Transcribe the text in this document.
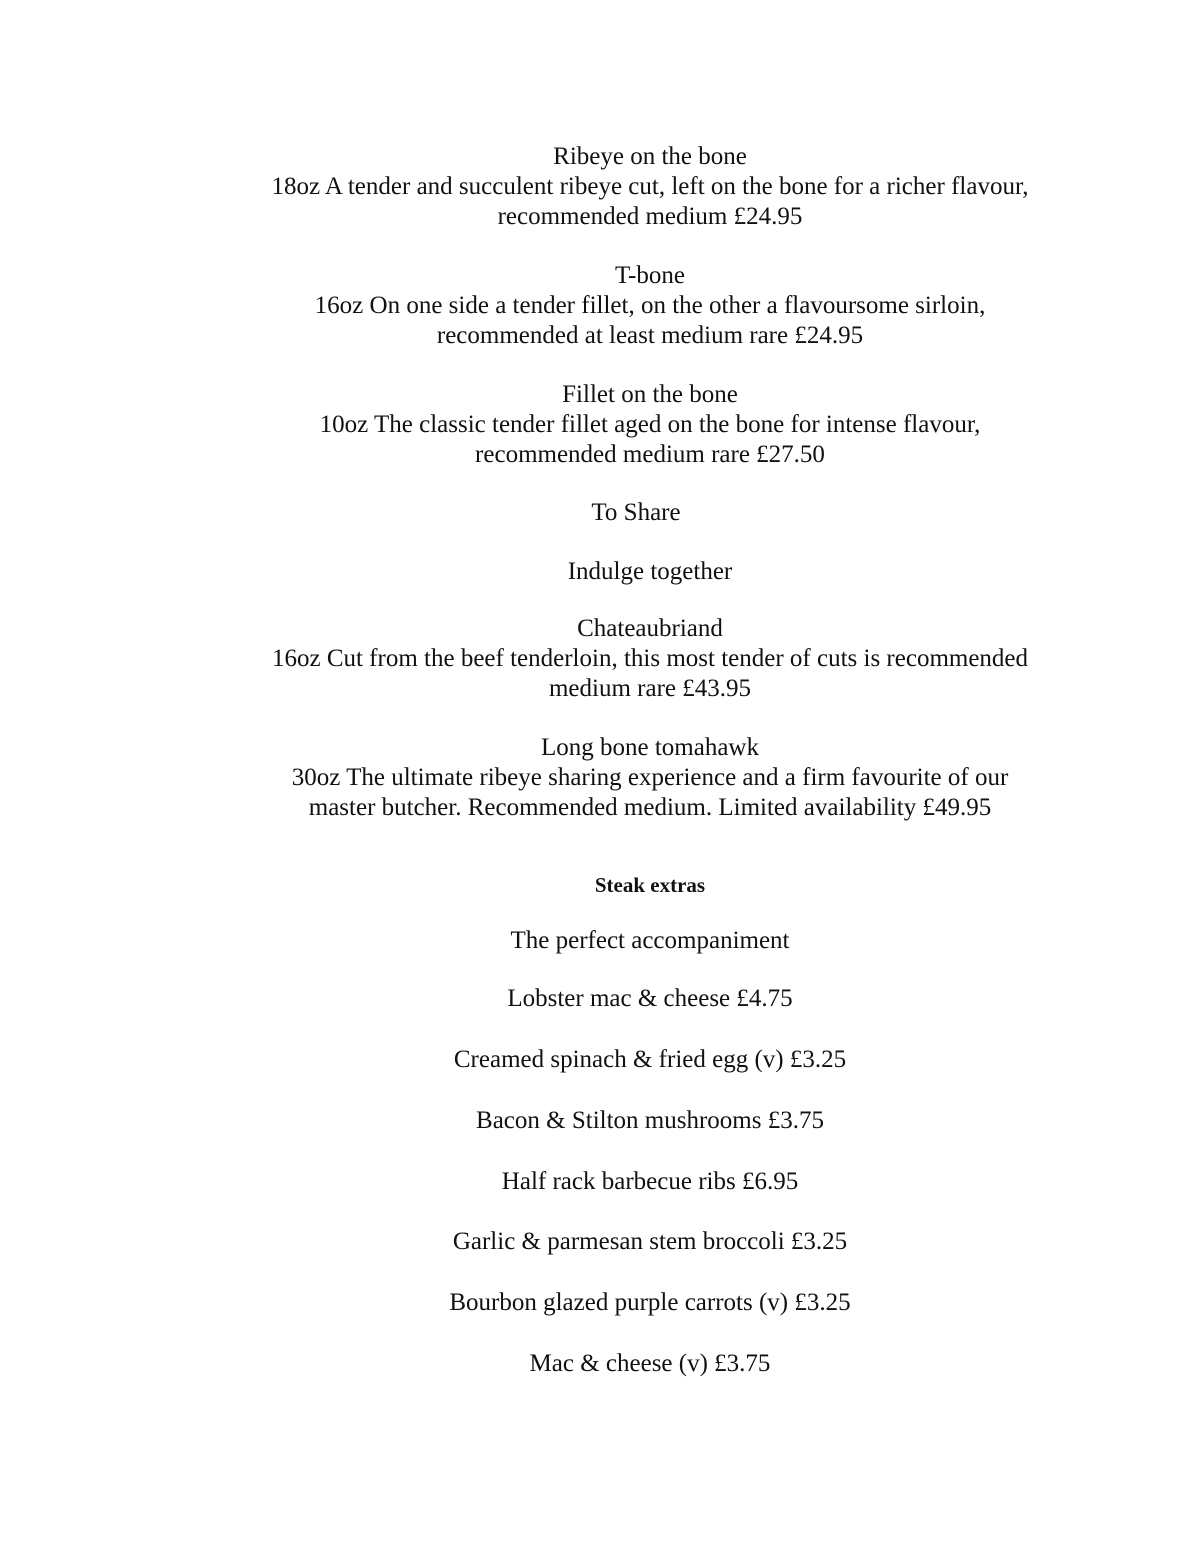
Ribeye on the bone
18oz A tender and succulent ribeye cut, left on the bone for a richer flavour,
recommended medium £24.95
T-bone
16oz On one side a tender fillet, on the other a flavoursome sirloin,
recommended at least medium rare £24.95
Fillet on the bone
10oz The classic tender fillet aged on the bone for intense flavour,
recommended medium rare £27.50
To Share
Indulge together
Chateaubriand
16oz Cut from the beef tenderloin, this most tender of cuts is recommended
medium rare £43.95
Long bone tomahawk
30oz The ultimate ribeye sharing experience and a firm favourite of our
master butcher. Recommended medium. Limited availability £49.95
Steak extras
The perfect accompaniment
Lobster mac & cheese £4.75
Creamed spinach & fried egg (v) £3.25
Bacon & Stilton mushrooms £3.75
Half rack barbecue ribs £6.95
Garlic & parmesan stem broccoli £3.25
Bourbon glazed purple carrots (v) £3.25
Mac & cheese (v) £3.75
